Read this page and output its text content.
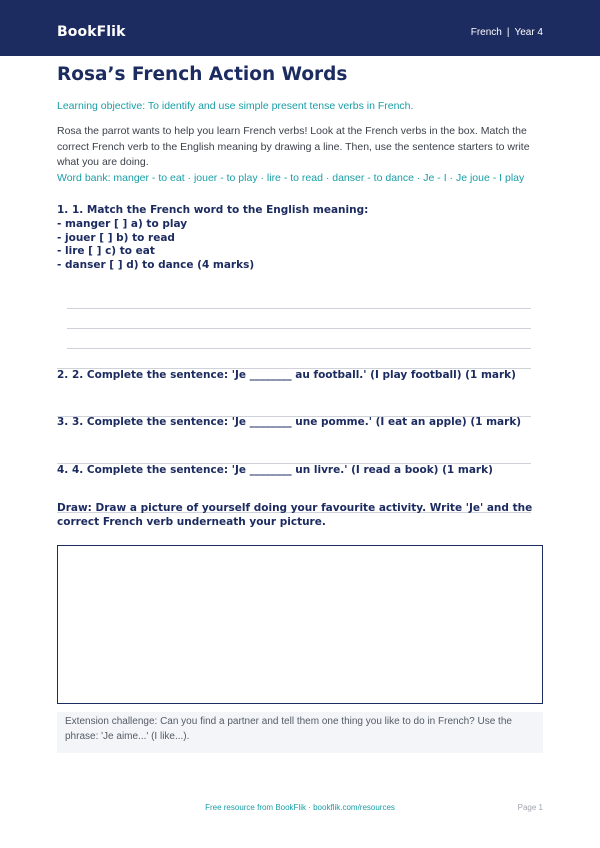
BookFlik	French | Year 4
Rosa’s French Action Words
Learning objective: To identify and use simple present tense verbs in French.
Rosa the parrot wants to help you learn French verbs! Look at the French verbs in the box. Match the correct French verb to the English meaning by drawing a line. Then, use the sentence starters to write what you are doing.
Word bank: manger - to eat · jouer - to play · lire - to read · danser - to dance · Je - I · Je joue - I play
1. 1. Match the French word to the English meaning:
- manger [ ] a) to play
- jouer [ ] b) to read
- lire [ ] c) to eat
- danser [ ] d) to dance (4 marks)
2. 2. Complete the sentence: 'Je ________ au football.' (I play football) (1 mark)
3. 3. Complete the sentence: 'Je ________ une pomme.' (I eat an apple) (1 mark)
4. 4. Complete the sentence: 'Je ________ un livre.' (I read a book) (1 mark)
Draw: Draw a picture of yourself doing your favourite activity. Write 'Je' and the correct French verb underneath your picture.
Extension challenge: Can you find a partner and tell them one thing you like to do in French? Use the phrase: 'Je aime...' (I like...).
Free resource from BookFlik · bookflik.com/resources	Page 1
